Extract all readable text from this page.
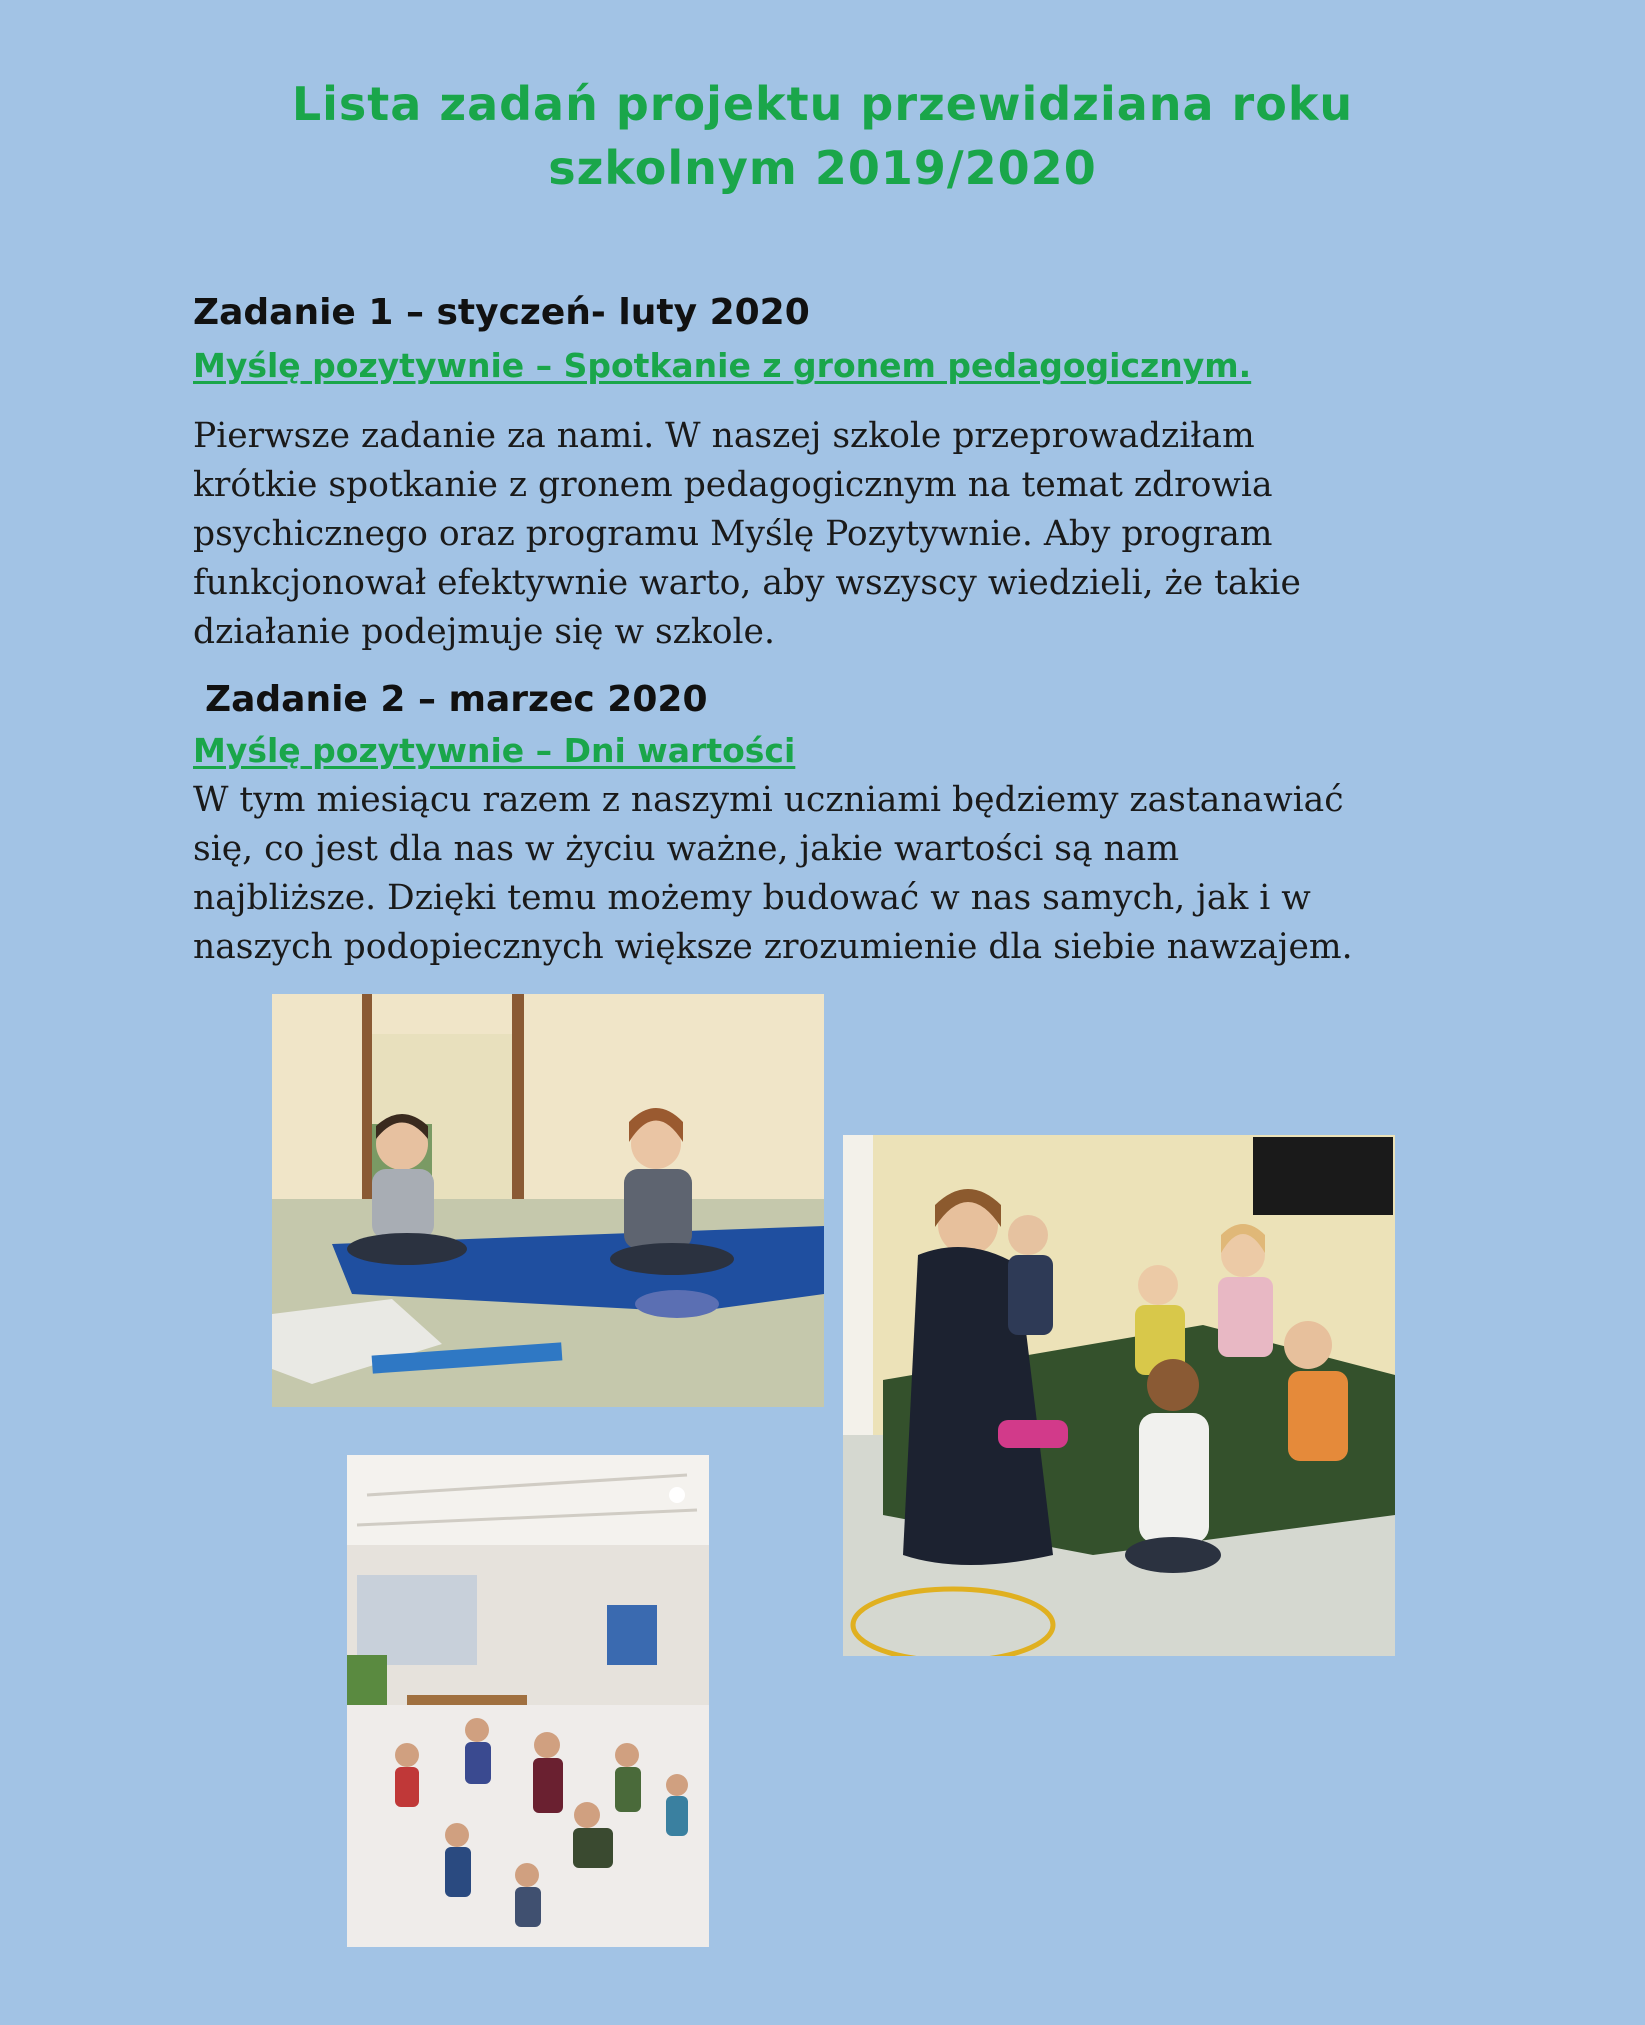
Lista zadań projektu przewidziana roku
szkolnym 2019/2020
Zadanie 1 – styczeń- luty 2020
Myślę pozytywnie – Spotkanie z gronem pedagogicznym.

Pierwsze zadanie za nami. W naszej szkole przeprowadziłam
krótkie spotkanie z gronem pedagogicznym na temat zdrowia
psychicznego oraz programu Myślę Pozytywnie. Aby program
funkcjonował efektywnie warto, aby wszyscy wiedzieli, że takie
działanie podejmuje się w szkole.

Zadanie 2 – marzec 2020
Myślę pozytywnie – Dni wartości

W tym miesiącu razem z naszymi uczniami będziemy zastanawiać
się, co jest dla nas w życiu ważne, jakie wartości są nam
najbliższe. Dzięki temu możemy budować w nas samych, jak i w
naszych podopiecznych większe zrozumienie dla siebie nawzajem.
